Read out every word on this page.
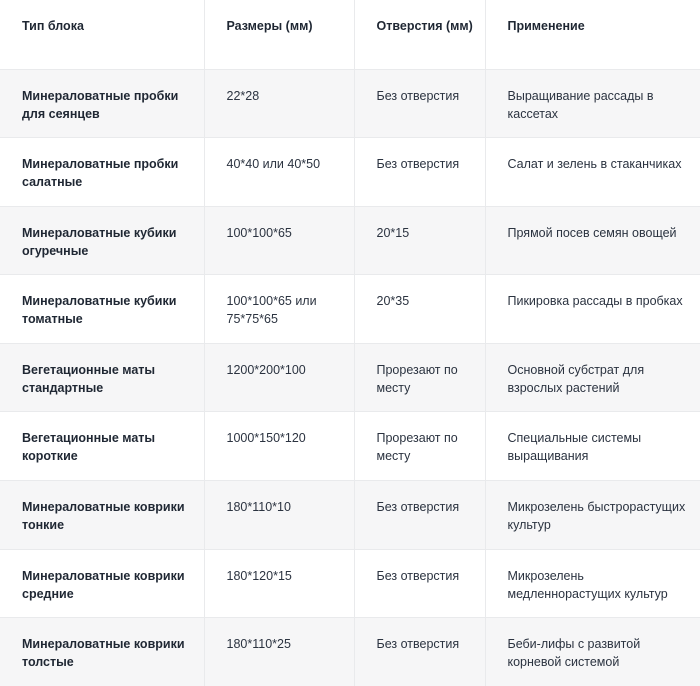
Тип блока	Размеры (мм)	Отверстия (мм)	Применение
Минераловатные пробки для сеянцев	22*28	Без отверстия	Выращивание рассады в кассетах
Минераловатные пробки салатные	40*40 или 40*50	Без отверстия	Салат и зелень в стаканчиках
Минераловатные кубики огуречные	100*100*65	20*15	Прямой посев семян овощей
Минераловатные кубики томатные	100*100*65 или 75*75*65	20*35	Пикировка рассады в пробках
Вегетационные маты стандартные	1200*200*100	Прорезают по месту	Основной субстрат для взрослых растений
Вегетационные маты короткие	1000*150*120	Прорезают по месту	Специальные системы выращивания
Минераловатные коврики тонкие	180*110*10	Без отверстия	Микрозелень быстрорастущих культур
Минераловатные коврики средние	180*120*15	Без отверстия	Микрозелень медленнорастущих культур
Минераловатные коврики толстые	180*110*25	Без отверстия	Беби-лифы с развитой корневой системой
